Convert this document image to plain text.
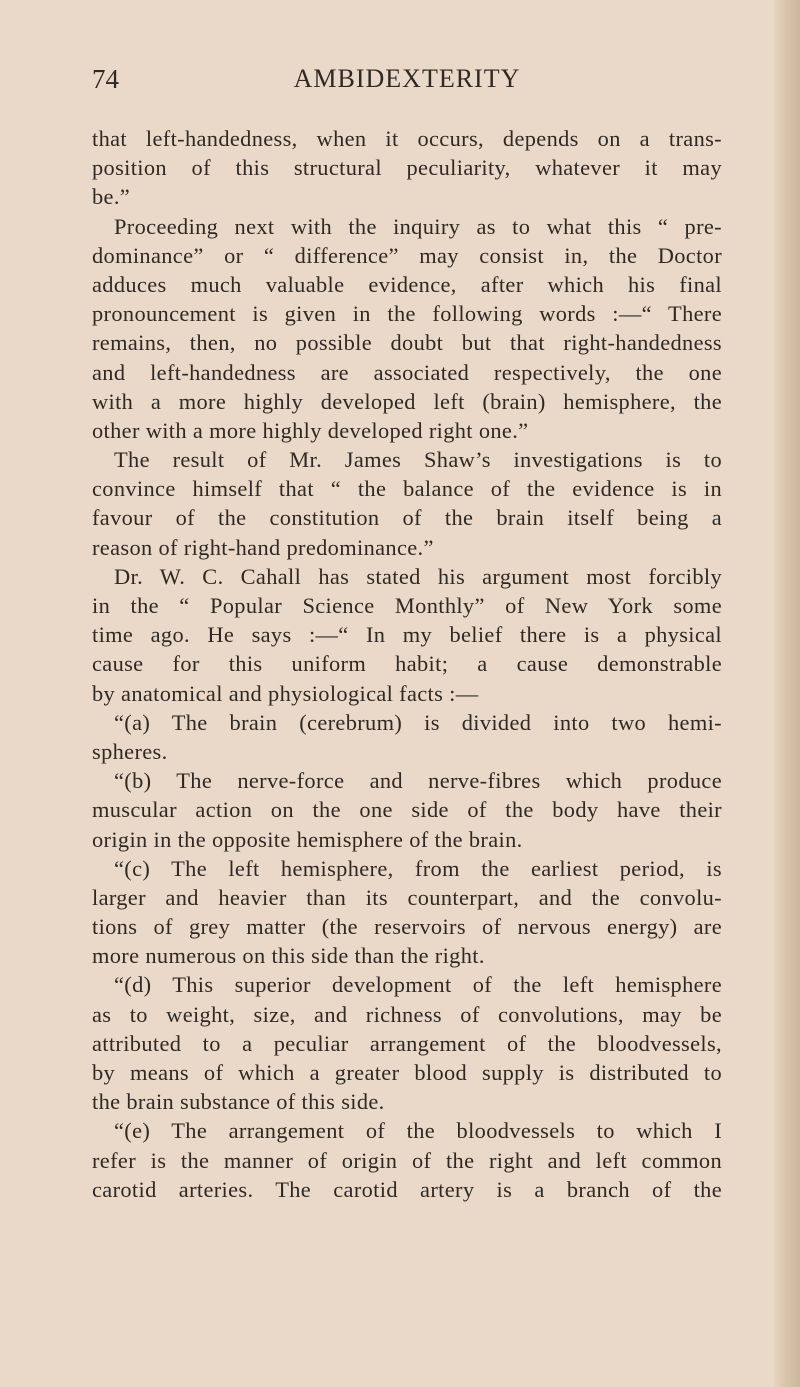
74	AMBIDEXTERITY
that left-handedness, when it occurs, depends on a trans-
position of this structural peculiarity, whatever it may
be.”
Proceeding next with the inquiry as to what this “ pre-
dominance” or “ difference” may consist in, the Doctor
adduces much valuable evidence, after which his final
pronouncement is given in the following words :—“ There
remains, then, no possible doubt but that right-handedness
and left-handedness are associated respectively, the one
with a more highly developed left (brain) hemisphere, the
other with a more highly developed right one.”
The result of Mr. James Shaw’s investigations is to
convince himself that “ the balance of the evidence is in
favour of the constitution of the brain itself being a
reason of right-hand predominance.”
Dr. W. C. Cahall has stated his argument most forcibly
in the “ Popular Science Monthly” of New York some
time ago. He says :—“ In my belief there is a physical
cause for this uniform habit; a cause demonstrable
by anatomical and physiological facts :—
“(a) The brain (cerebrum) is divided into two hemi-
spheres.
“(b) The nerve-force and nerve-fibres which produce
muscular action on the one side of the body have their
origin in the opposite hemisphere of the brain.
“(c) The left hemisphere, from the earliest period, is
larger and heavier than its counterpart, and the convolu-
tions of grey matter (the reservoirs of nervous energy) are
more numerous on this side than the right.
“(d) This superior development of the left hemisphere
as to weight, size, and richness of convolutions, may be
attributed to a peculiar arrangement of the bloodvessels,
by means of which a greater blood supply is distributed to
the brain substance of this side.
“(e) The arrangement of the bloodvessels to which I
refer is the manner of origin of the right and left common
carotid arteries. The carotid artery is a branch of the
